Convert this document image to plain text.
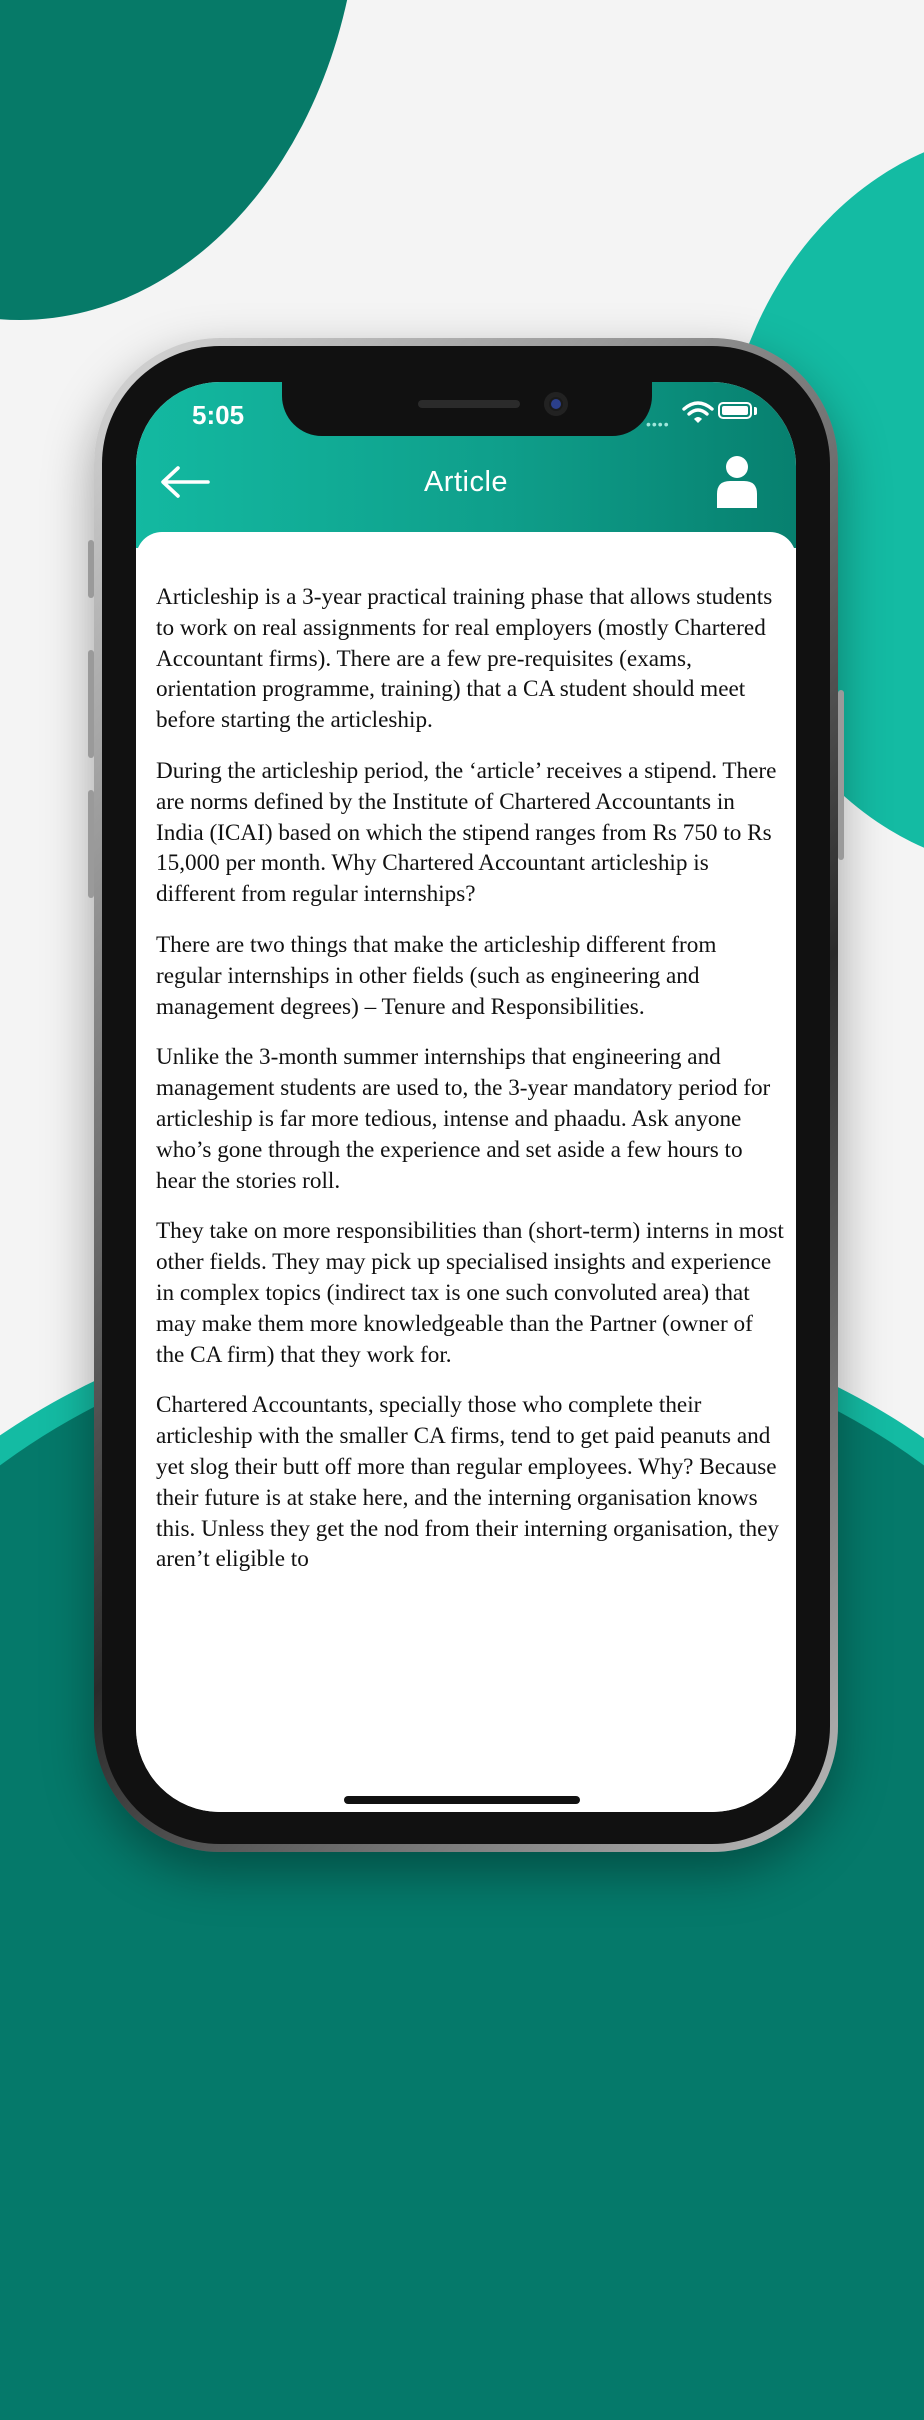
5:05	••••
Article

Articleship is a 3-year practical training phase that allows students to work on real assignments for real employers (mostly Chartered Accountant firms). There are a few pre-requisites (exams, orientation programme, training) that a CA student should meet before starting the articleship.

During the articleship period, the ‘article’ receives a stipend. There are norms defined by the Institute of Chartered Accountants in India (ICAI) based on which the stipend ranges from Rs 750 to Rs 15,000 per month. Why Chartered Accountant articleship is different from regular internships?

There are two things that make the articleship different from regular internships in other fields (such as engineering and management degrees) – Tenure and Responsibilities.

Unlike the 3-month summer internships that engineering and management students are used to, the 3-year mandatory period for articleship is far more tedious, intense and phaadu. Ask anyone who’s gone through the experience and set aside a few hours to hear the stories roll.

They take on more responsibilities than (short-term) interns in most other fields. They may pick up specialised insights and experience in complex topics (indirect tax is one such convoluted area) that may make them more knowledgeable than the Partner (owner of the CA firm) that they work for.

Chartered Accountants, specially those who complete their articleship with the smaller CA firms, tend to get paid peanuts and yet slog their butt off more than regular employees. Why? Because their future is at stake here, and the interning organisation knows this. Unless they get the nod from their interning organisation, they aren’t eligible to
